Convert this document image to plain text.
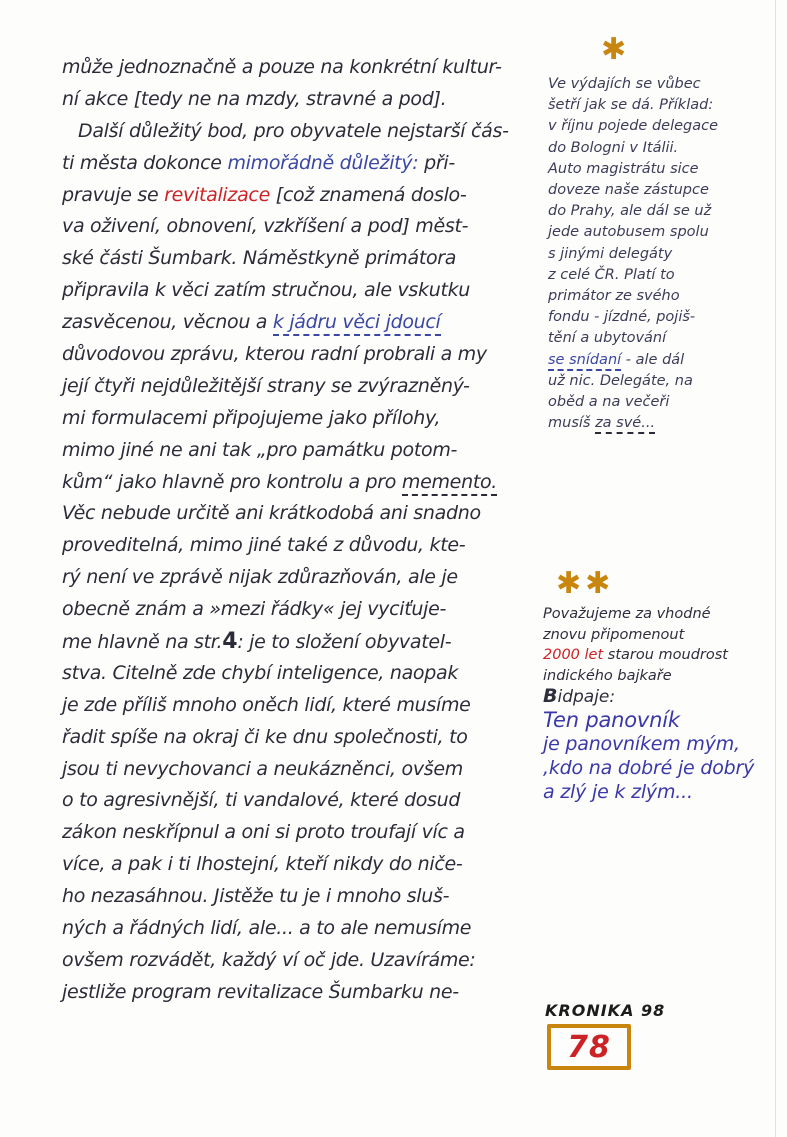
může jednoznačně a pouze na konkrétní kultur-
ní akce [tedy ne na mzdy, stravné a pod].
Další důležitý bod, pro obyvatele nejstarší čás-
ti města dokonce mimořádně důležitý: při-
pravuje se revitalizace [což znamená doslo-
va oživení, obnovení, vzkříšení a pod] měst-
ské části Šumbark. Náměstkyně primátora
připravila k věci zatím stručnou, ale vskutku
zasvěcenou, věcnou a k jádru věci jdoucí
důvodovou zprávu, kterou radní probrali a my
její čtyři nejdůležitější strany se zvýrazněný-
mi formulacemi připojujeme jako přílohy,
mimo jiné ne ani tak „pro památku potom-
kům“ jako hlavně pro kontrolu a pro memento.
Věc nebude určitě ani krátkodobá ani snadno
proveditelná, mimo jiné také z důvodu, kte-
rý není ve zprávě nijak zdůrazňován, ale je
obecně znám a »mezi řádky« jej vyciťuje-
me hlavně na str.4: je to složení obyvatel-
stva. Citelně zde chybí inteligence, naopak
je zde příliš mnoho oněch lidí, které musíme
řadit spíše na okraj či ke dnu společnosti, to
jsou ti nevychovanci a neukázněnci, ovšem
o to agresivnější, ti vandalové, které dosud
zákon neskřípnul a oni si proto troufají víc a
více, a pak i ti lhostejní, kteří nikdy do niče-
ho nezasáhnou. Jistěže tu je i mnoho sluš-
ných a řádných lidí, ale... a to ale nemusíme
ovšem rozvádět, každý ví oč jde. Uzavíráme:
jestliže program revitalizace Šumbarku ne-
✱
Ve výdajích se vůbec
šetří jak se dá. Příklad:
v říjnu pojede delegace
do Bologni v Itálii.
Auto magistrátu sice
doveze naše zástupce
do Prahy, ale dál se už
jede autobusem spolu
s jinými delegáty
z celé ČR. Platí to
primátor ze svého
fondu - jízdné, pojiš-
tění a ubytování
se snídaní - ale dál
už nic. Delegáte, na
oběd a na večeři
musíš za své...
✱✱
Považujeme za vhodné
znovu připomenout
2000 let starou moudrost
indického bajkaře
Bidpaje:
Ten panovník
je panovníkem mým,
‚kdo na dobré je dobrý
a zlý je k zlým...
KRONIKA 98
78
